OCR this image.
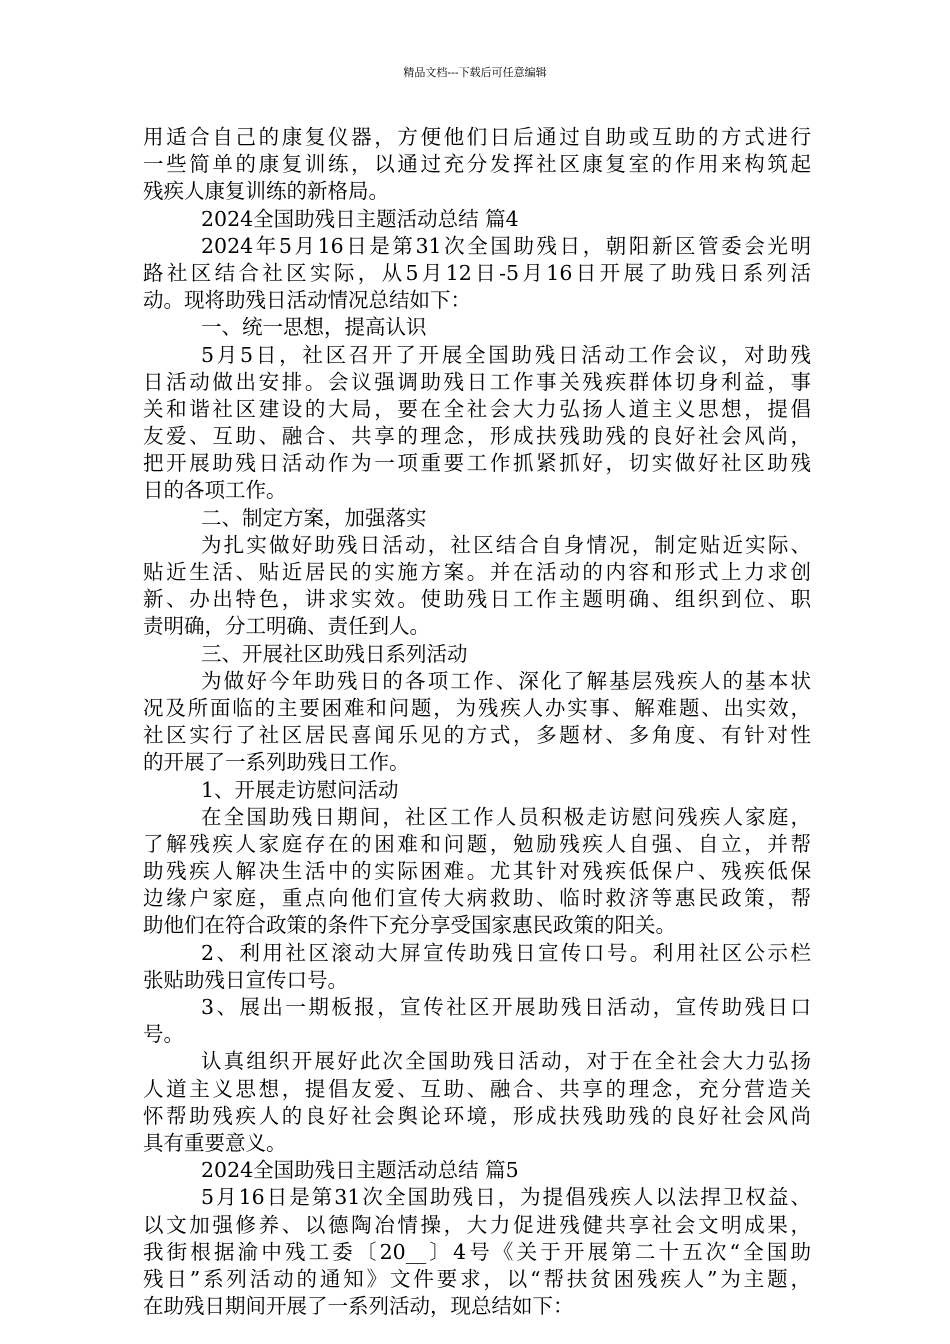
精品文档---下载后可任意编辑
用适合自己的康复仪器，方便他们日后通过自助或互助的方式进行
一些简单的康复训练，以通过充分发挥社区康复室的作用来构筑起
残疾人康复训练的新格局。
2024全国助残日主题活动总结 篇4
2024年5月16日是第31次全国助残日，朝阳新区管委会光明
路社区结合社区实际，从5月12日-5月16日开展了助残日系列活
动。现将助残日活动情况总结如下：
一、统一思想，提高认识
5月5日，社区召开了开展全国助残日活动工作会议，对助残
日活动做出安排。会议强调助残日工作事关残疾群体切身利益，事
关和谐社区建设的大局，要在全社会大力弘扬人道主义思想，提倡
友爱、互助、融合、共享的理念，形成扶残助残的良好社会风尚，
把开展助残日活动作为一项重要工作抓紧抓好，切实做好社区助残
日的各项工作。
二、制定方案，加强落实
为扎实做好助残日活动，社区结合自身情况，制定贴近实际、
贴近生活、贴近居民的实施方案。并在活动的内容和形式上力求创
新、办出特色，讲求实效。使助残日工作主题明确、组织到位、职
责明确，分工明确、责任到人。
三、开展社区助残日系列活动
为做好今年助残日的各项工作、深化了解基层残疾人的基本状
况及所面临的主要困难和问题，为残疾人办实事、解难题、出实效，
社区实行了社区居民喜闻乐见的方式，多题材、多角度、有针对性
的开展了一系列助残日工作。
1、开展走访慰问活动
在全国助残日期间，社区工作人员积极走访慰问残疾人家庭，
了解残疾人家庭存在的困难和问题，勉励残疾人自强、自立，并帮
助残疾人解决生活中的实际困难。尤其针对残疾低保户、残疾低保
边缘户家庭，重点向他们宣传大病救助、临时救济等惠民政策，帮
助他们在符合政策的条件下充分享受国家惠民政策的阳关。
2、利用社区滚动大屏宣传助残日宣传口号。利用社区公示栏
张贴助残日宣传口号。
3、展出一期板报，宣传社区开展助残日活动，宣传助残日口
号。
认真组织开展好此次全国助残日活动，对于在全社会大力弘扬
人道主义思想，提倡友爱、互助、融合、共享的理念，充分营造关
怀帮助残疾人的良好社会舆论环境，形成扶残助残的良好社会风尚
具有重要意义。
2024全国助残日主题活动总结 篇5
5月16日是第31次全国助残日，为提倡残疾人以法捍卫权益、
以文加强修养、以德陶冶情操，大力促进残健共享社会文明成果，
我街根据渝中残工委〔20__〕4号《关于开展第二十五次“全国助
残日”系列活动的通知》文件要求，以“帮扶贫困残疾人”为主题，
在助残日期间开展了一系列活动，现总结如下：
